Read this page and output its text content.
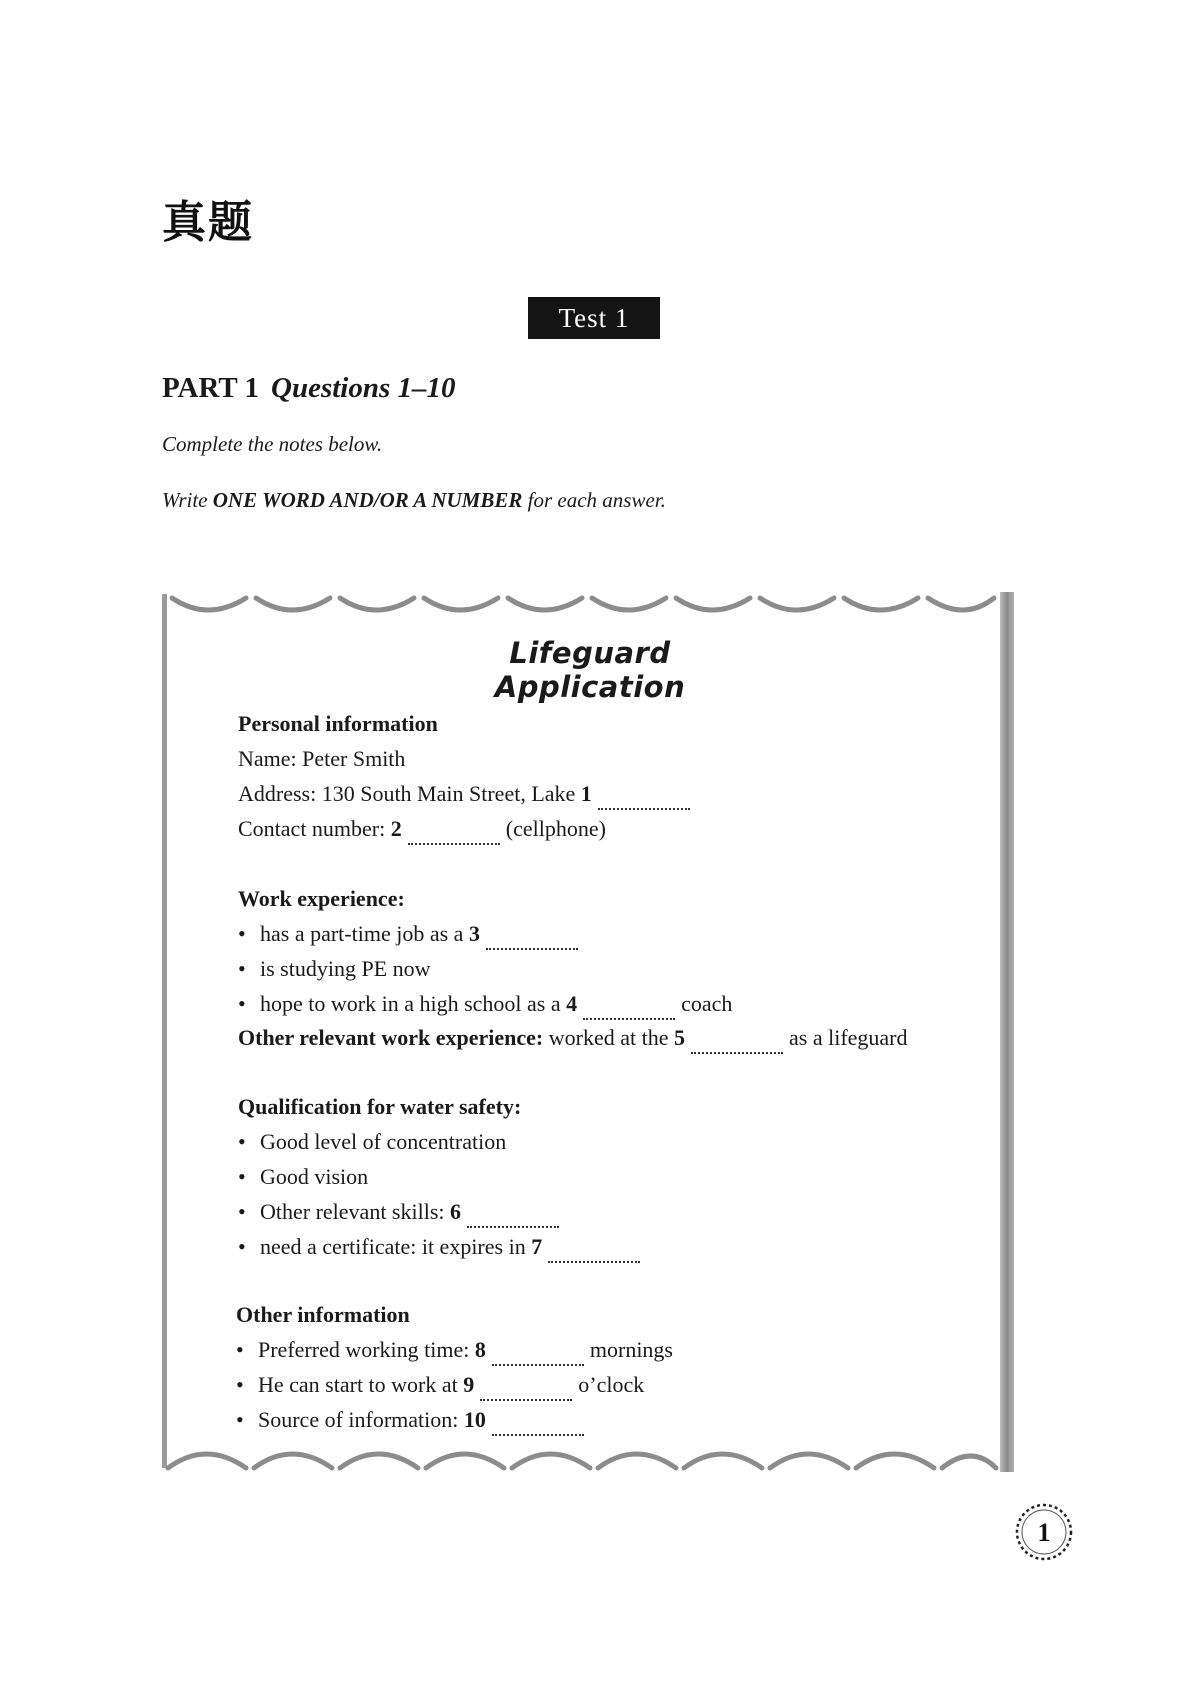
真题
Test 1
PART 1 Questions 1–10
Complete the notes below.
Write ONE WORD AND/OR A NUMBER for each answer.
Lifeguard Application
Personal information
Name: Peter Smith
Address: 130 South Main Street, Lake 1
Contact number: 2	(cellphone)
Work experience:
• has a part-time job as a 3
• is studying PE now
• hope to work in a high school as a 4	coach
Other relevant work experience: worked at the 5	as a lifeguard
Qualification for water safety:
• Good level of concentration
• Good vision
• Other relevant skills: 6
• need a certificate: it expires in 7
Other information
• Preferred working time: 8	mornings
• He can start to work at 9	o’clock
• Source of information: 10
1
